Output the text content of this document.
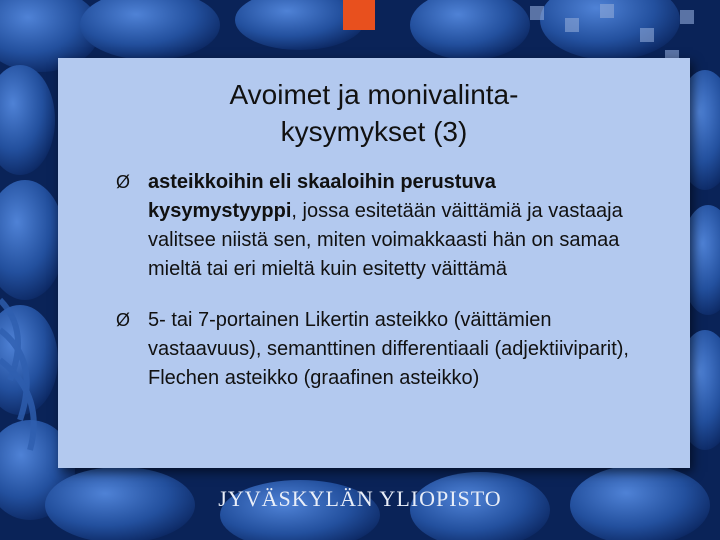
Avoimet ja monivalinta-
kysymykset (3)
Ø asteikkoihin eli skaaloihin perustuva kysymystyyppi, jossa esitetään väittämiä ja vastaaja valitsee niistä sen, miten voimakkaasti hän on samaa mieltä tai eri mieltä kuin esitetty väittämä
Ø 5- tai 7-portainen Likertin asteikko (väittämien vastaavuus), semanttinen differentiaali (adjektiiviparit), Flechen asteikko (graafinen asteikko)
JYVÄSKYLÄN YLIOPISTO
